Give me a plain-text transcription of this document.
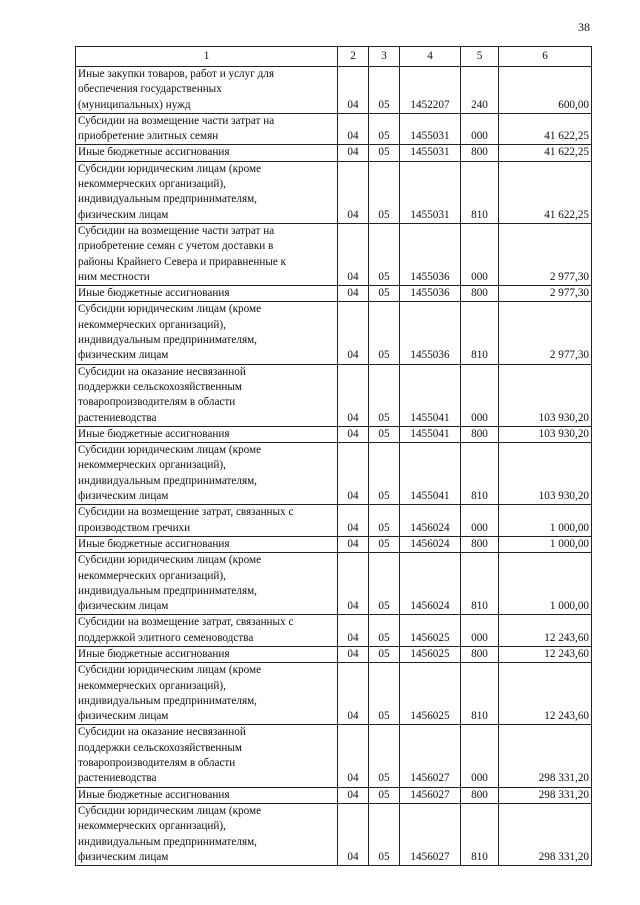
38
1	2	3	4	5	6
Иные закупки товаров, работ и услуг для
обеспечения государственных
(муниципальных) нужд	04	05	1452207	240	600,00
Субсидии на возмещение части затрат на
приобретение элитных семян	04	05	1455031	000	41 622,25
Иные бюджетные ассигнования	04	05	1455031	800	41 622,25
Субсидии юридическим лицам (кроме
некоммерческих организаций),
индивидуальным предпринимателям,
физическим лицам	04	05	1455031	810	41 622,25
Субсидии на возмещение части затрат на
приобретение семян с учетом доставки в
районы Крайнего Севера и приравненные к
ним местности	04	05	1455036	000	2 977,30
Иные бюджетные ассигнования	04	05	1455036	800	2 977,30
Субсидии юридическим лицам (кроме
некоммерческих организаций),
индивидуальным предпринимателям,
физическим лицам	04	05	1455036	810	2 977,30
Субсидии на оказание несвязанной
поддержки сельскохозяйственным
товаропроизводителям в области
растениеводства	04	05	1455041	000	103 930,20
Иные бюджетные ассигнования	04	05	1455041	800	103 930,20
Субсидии юридическим лицам (кроме
некоммерческих организаций),
индивидуальным предпринимателям,
физическим лицам	04	05	1455041	810	103 930,20
Субсидии на возмещение затрат, связанных с
производством гречихи	04	05	1456024	000	1 000,00
Иные бюджетные ассигнования	04	05	1456024	800	1 000,00
Субсидии юридическим лицам (кроме
некоммерческих организаций),
индивидуальным предпринимателям,
физическим лицам	04	05	1456024	810	1 000,00
Субсидии на возмещение затрат, связанных с
поддержкой элитного семеноводства	04	05	1456025	000	12 243,60
Иные бюджетные ассигнования	04	05	1456025	800	12 243,60
Субсидии юридическим лицам (кроме
некоммерческих организаций),
индивидуальным предпринимателям,
физическим лицам	04	05	1456025	810	12 243,60
Субсидии на оказание несвязанной
поддержки сельскохозяйственным
товаропроизводителям в области
растениеводства	04	05	1456027	000	298 331,20
Иные бюджетные ассигнования	04	05	1456027	800	298 331,20
Субсидии юридическим лицам (кроме
некоммерческих организаций),
индивидуальным предпринимателям,
физическим лицам	04	05	1456027	810	298 331,20
